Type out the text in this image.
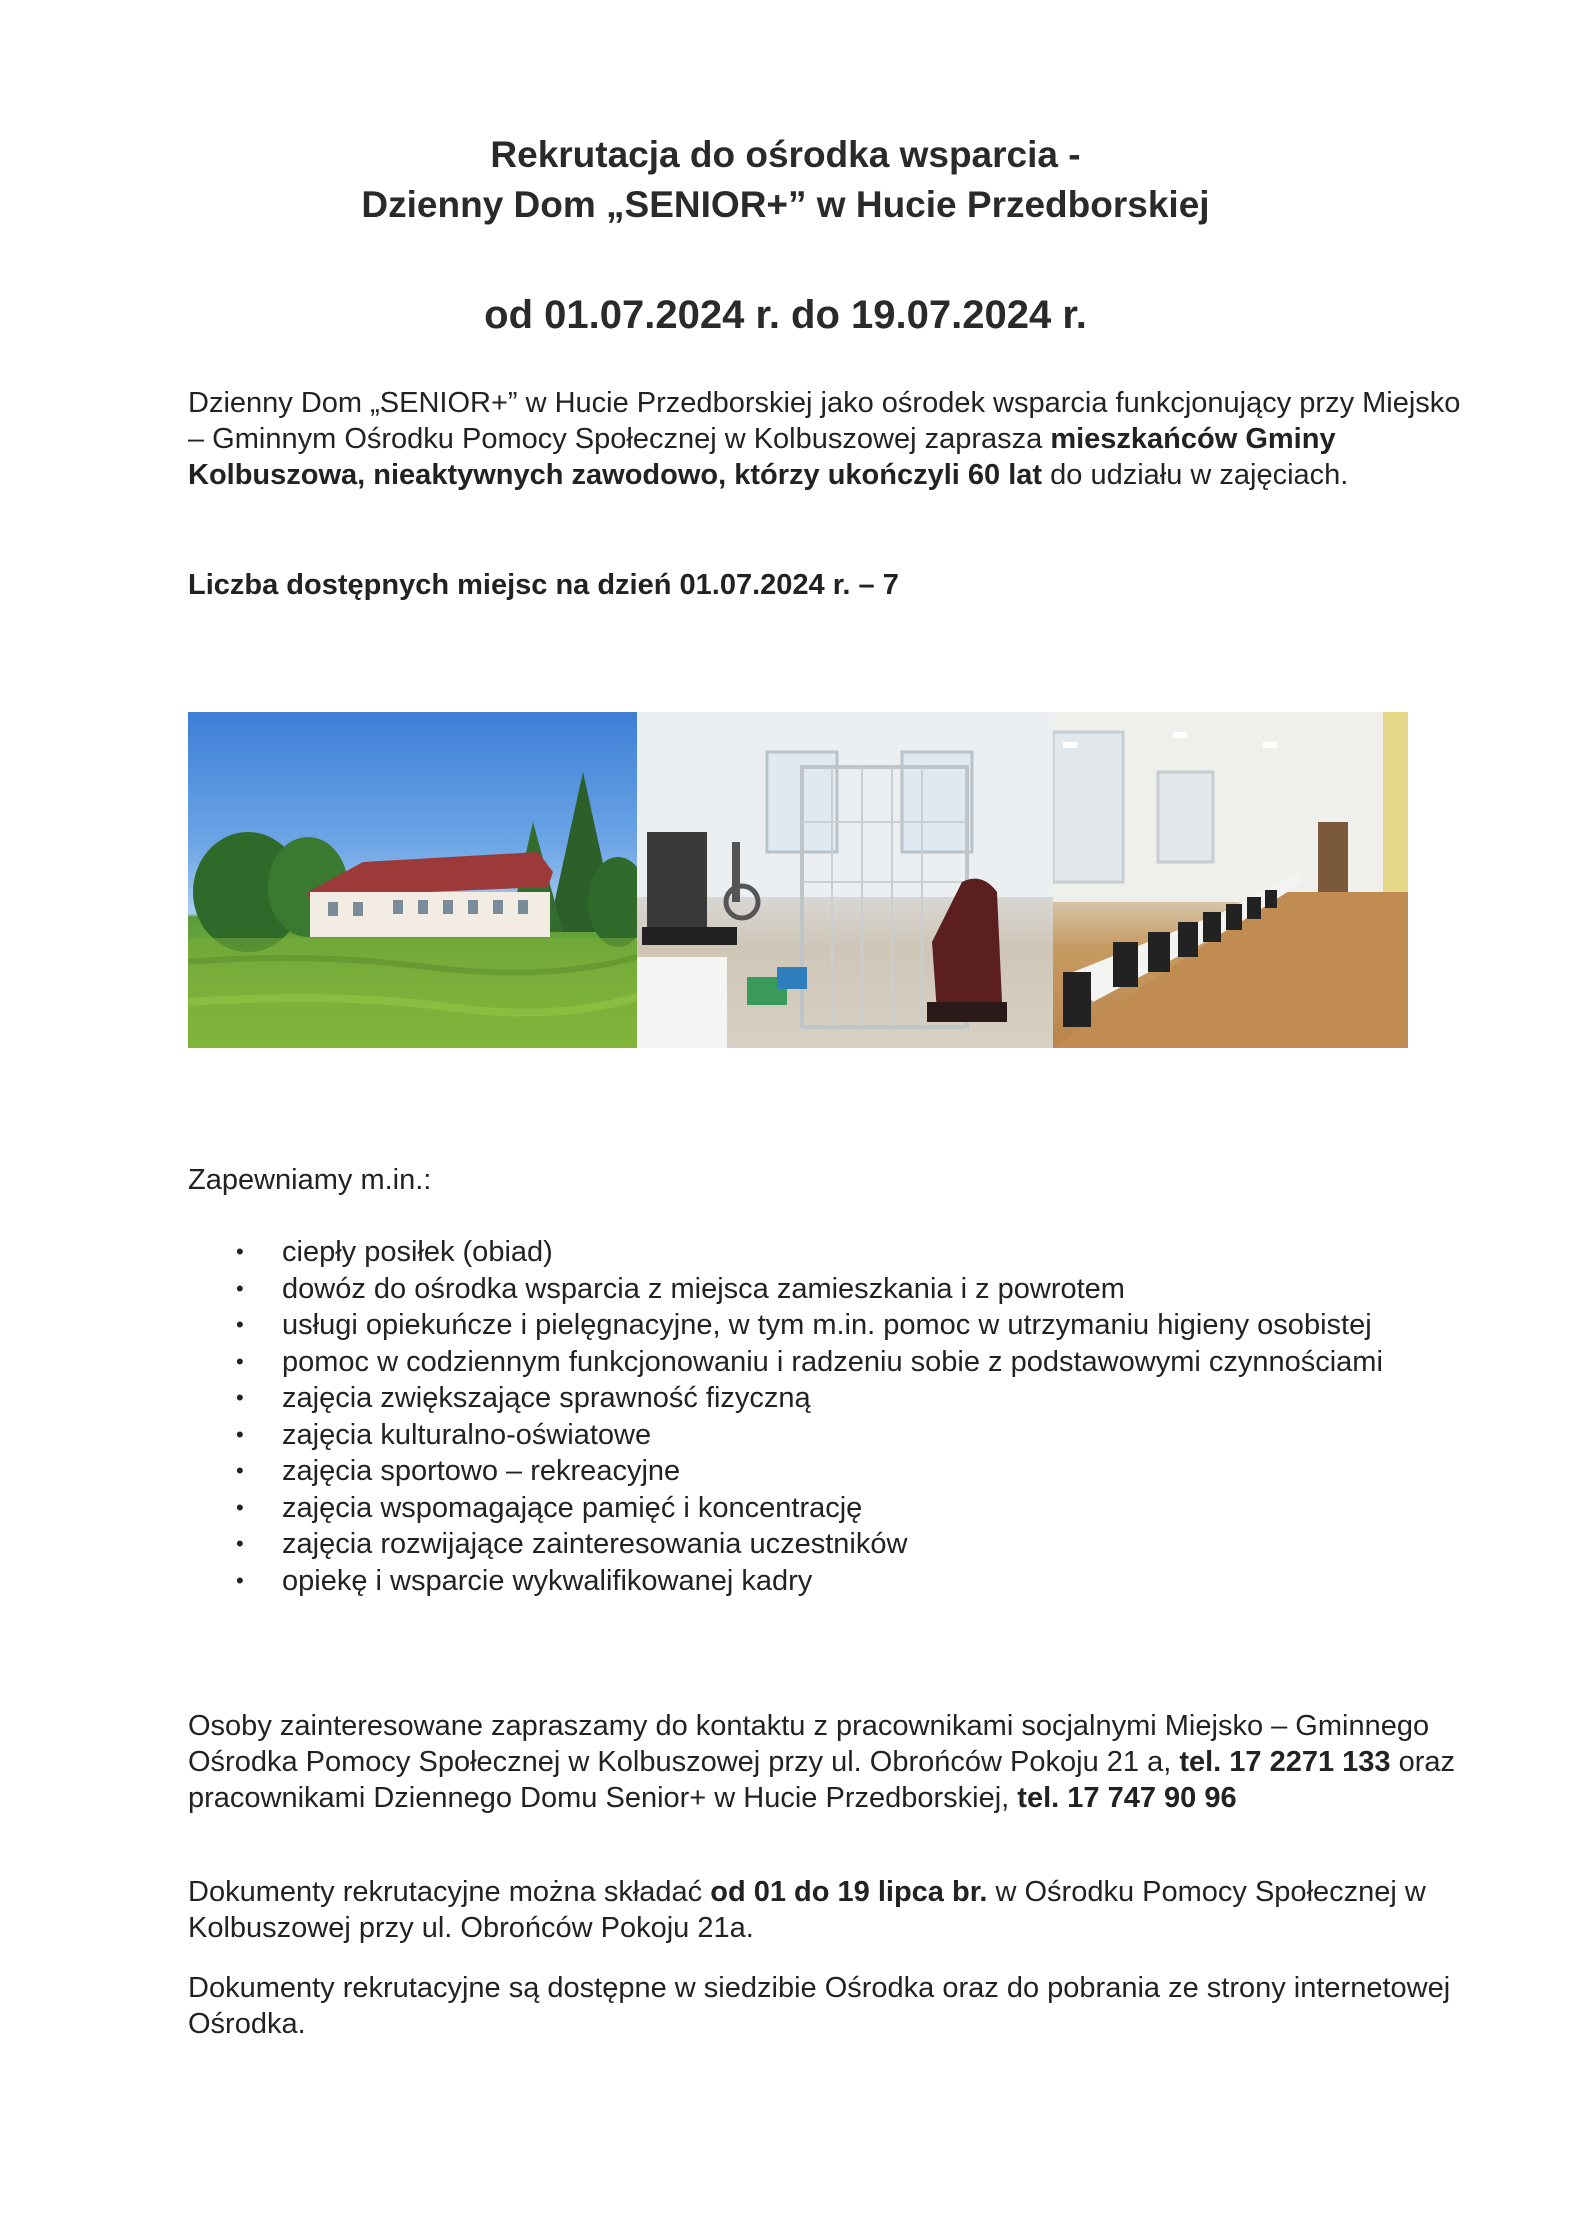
Rekrutacja do ośrodka wsparcia -
Dzienny Dom „SENIOR+” w Hucie Przedborskiej
od 01.07.2024 r. do 19.07.2024 r.
Dzienny Dom „SENIOR+” w Hucie Przedborskiej jako ośrodek wsparcia funkcjonujący przy Miejsko – Gminnym Ośrodku Pomocy Społecznej w Kolbuszowej zaprasza mieszkańców Gminy Kolbuszowa, nieaktywnych zawodowo, którzy ukończyli 60 lat do udziału w zajęciach.
Liczba dostępnych miejsc na dzień 01.07.2024 r. – 7
Zapewniamy m.in.:
• ciepły posiłek (obiad)
• dowóz do ośrodka wsparcia z miejsca zamieszkania i z powrotem
• usługi opiekuńcze i pielęgnacyjne, w tym m.in. pomoc w utrzymaniu higieny osobistej
• pomoc w codziennym funkcjonowaniu i radzeniu sobie z podstawowymi czynnościami
• zajęcia zwiększające sprawność fizyczną
• zajęcia kulturalno-oświatowe
• zajęcia sportowo – rekreacyjne
• zajęcia wspomagające pamięć i koncentrację
• zajęcia rozwijające zainteresowania uczestników
• opiekę i wsparcie wykwalifikowanej kadry
Osoby zainteresowane zapraszamy do kontaktu z pracownikami socjalnymi Miejsko – Gminnego Ośrodka Pomocy Społecznej w Kolbuszowej przy ul. Obrońców Pokoju 21 a, tel. 17 2271 133 oraz pracownikami Dziennego Domu Senior+ w Hucie Przedborskiej, tel. 17 747 90 96
Dokumenty rekrutacyjne można składać od 01 do 19 lipca br. w Ośrodku Pomocy Społecznej w Kolbuszowej przy ul. Obrońców Pokoju 21a.
Dokumenty rekrutacyjne są dostępne w siedzibie Ośrodka oraz do pobrania ze strony internetowej Ośrodka.
